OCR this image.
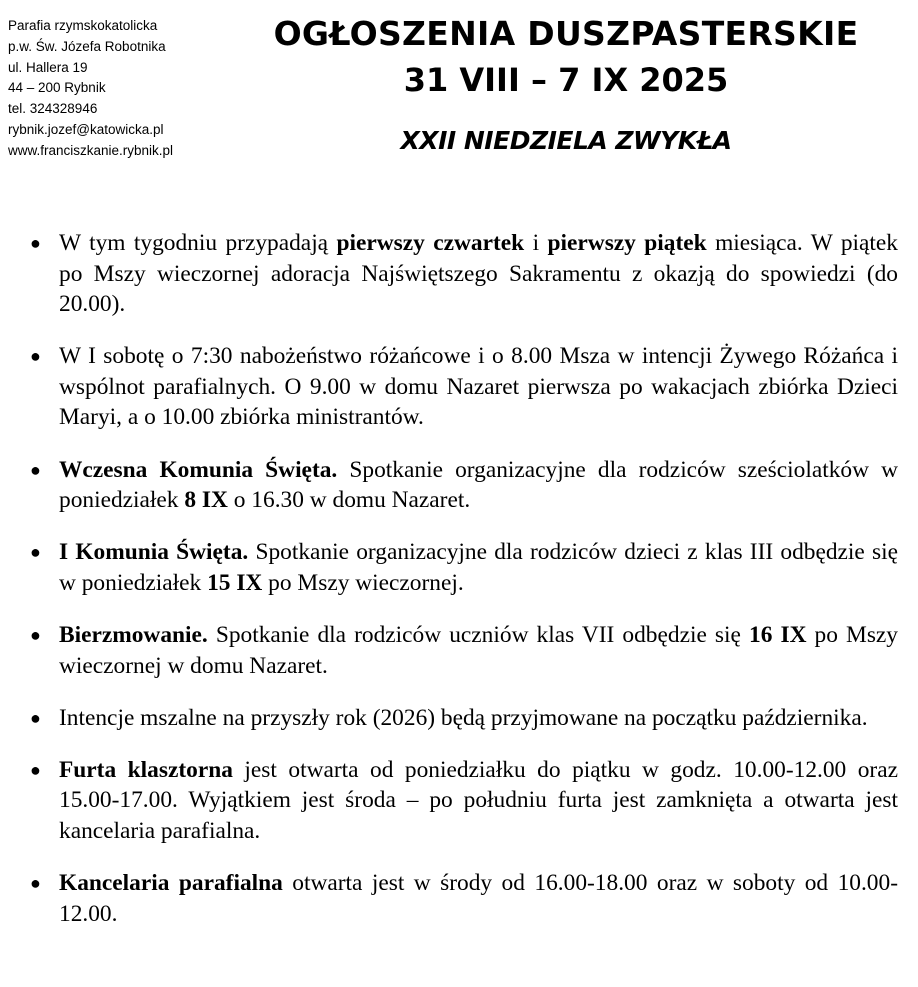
Parafia rzymskokatolicka
p.w. Św. Józefa Robotnika
ul. Hallera 19
44 – 200 Rybnik
tel. 324328946
rybnik.jozef@katowicka.pl
www.franciszkanie.rybnik.pl
OGŁOSZENIA DUSZPASTERSKIE
31 VIII – 7 IX 2025
XXII NIEDZIELA ZWYKŁA
● W tym tygodniu przypadają pierwszy czwartek i pierwszy piątek miesiąca. W piątek po Mszy wieczornej adoracja Najświętszego Sakramentu z okazją do spowiedzi (do 20.00).
● W I sobotę o 7:30 nabożeństwo różańcowe i o 8.00 Msza w intencji Żywego Różańca i wspólnot parafialnych. O 9.00 w domu Nazaret pierwsza po wakacjach zbiórka Dzieci Maryi, a o 10.00 zbiórka ministrantów.
● Wczesna Komunia Święta. Spotkanie organizacyjne dla rodziców sześciolatków w poniedziałek 8 IX o 16.30 w domu Nazaret.
● I Komunia Święta. Spotkanie organizacyjne dla rodziców dzieci z klas III odbędzie się w poniedziałek 15 IX po Mszy wieczornej.
● Bierzmowanie. Spotkanie dla rodziców uczniów klas VII odbędzie się 16 IX po Mszy wieczornej w domu Nazaret.
● Intencje mszalne na przyszły rok (2026) będą przyjmowane na początku października.
● Furta klasztorna jest otwarta od poniedziałku do piątku w godz. 10.00-12.00 oraz 15.00-17.00. Wyjątkiem jest środa – po południu furta jest zamknięta a otwarta jest kancelaria parafialna.
● Kancelaria parafialna otwarta jest w środy od 16.00-18.00 oraz w soboty od 10.00-12.00.
